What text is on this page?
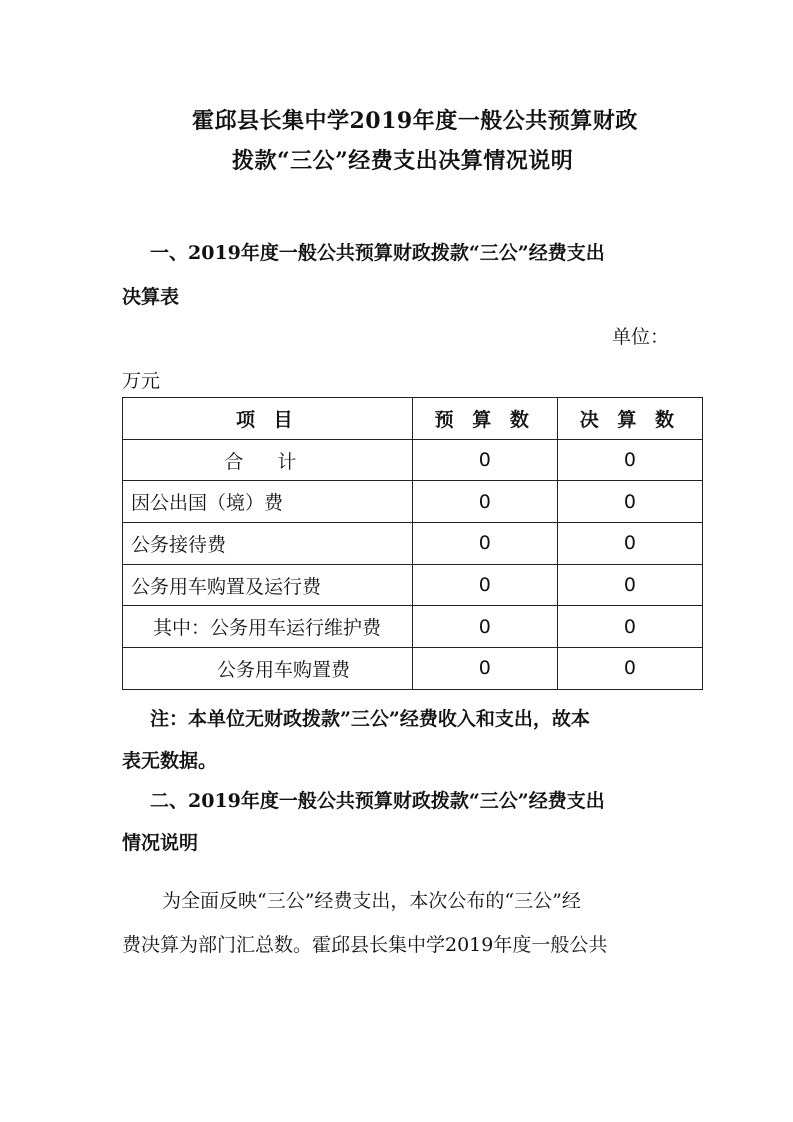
霍邱县长集中学2019年度一般公共预算财政
拨款“三公”经费支出决算情况说明
一、2019年度一般公共预算财政拨款“三公”经费支出
决算表
单位：
万元
项 目	预 算 数	决 算 数
合 计	0	0
因公出国（境）费	0	0
公务接待费	0	0
公务用车购置及运行费	0	0
其中：公务用车运行维护费	0	0
公务用车购置费	0	0
注：本单位无财政拨款”三公”经费收入和支出，故本
表无数据。
二、2019年度一般公共预算财政拨款“三公”经费支出
情况说明
为全面反映“三公”经费支出，本次公布的“三公”经
费决算为部门汇总数。霍邱县长集中学2019年度一般公共
